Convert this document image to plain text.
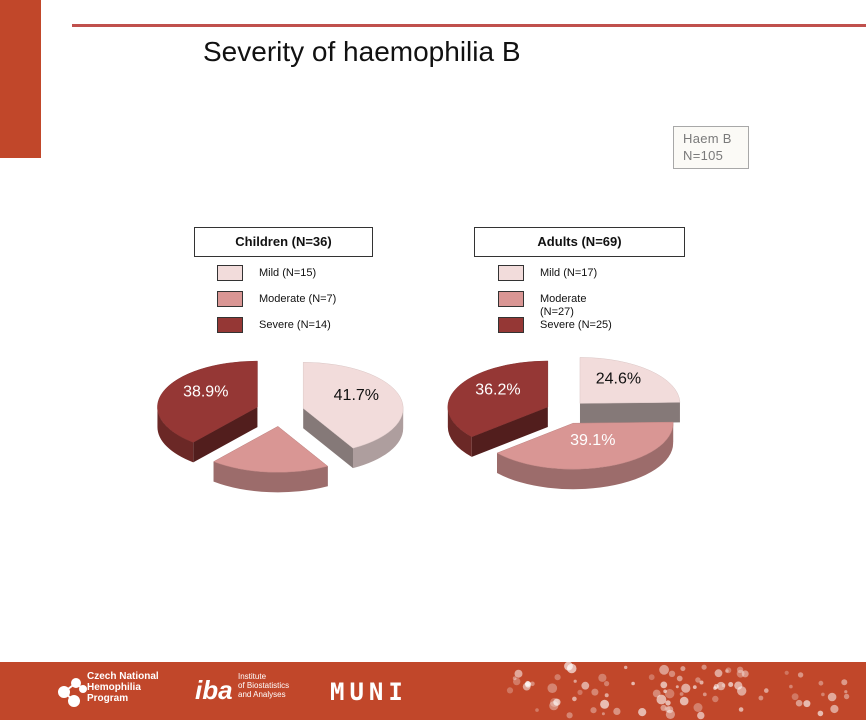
Severity of haemophilia B
Haem B
N=105
Children (N=36)
Mild (N=15)
Moderate (N=7)
Severe (N=14)
Adults (N=69)
Mild (N=17)
Moderate (N=27)
Severe (N=25)
38.9%	41.7%
24.6%
36.2%
39.1%
Czech National
Hemophilia
Program	iba Institute
of Biostatistics
and Analyses MUNI
